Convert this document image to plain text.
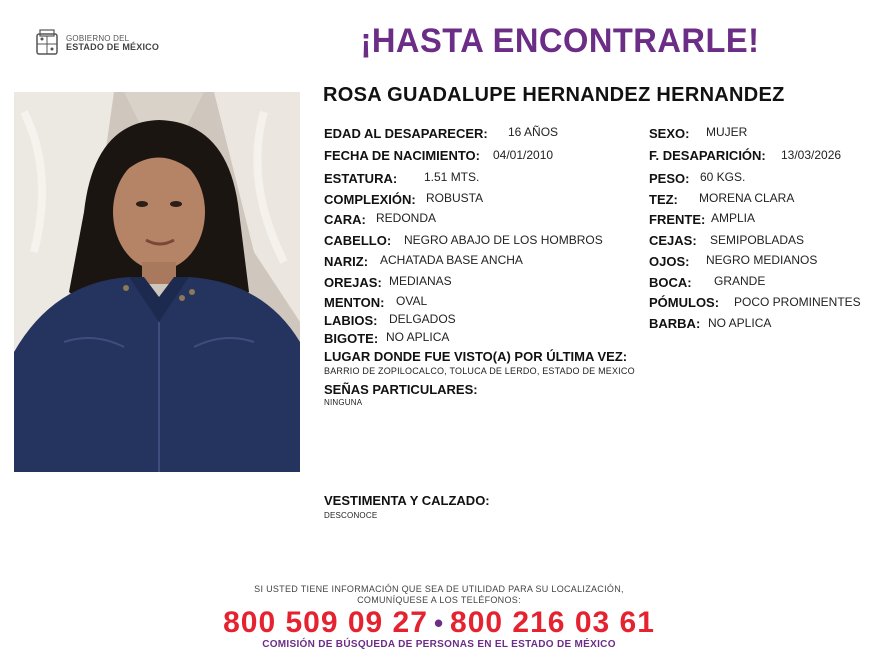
GOBIERNO DEL
ESTADO DE MÉXICO	¡HASTA ENCONTRARLE!
ROSA GUADALUPE HERNANDEZ HERNANDEZ
EDAD AL DESAPARECER: 16 AÑOS
FECHA DE NACIMIENTO: 04/01/2010
ESTATURA: 1.51 MTS.
COMPLEXIÓN: ROBUSTA
CARA: REDONDA
CABELLO: NEGRO ABAJO DE LOS HOMBROS
NARIZ: ACHATADA BASE ANCHA
OREJAS: MEDIANAS
MENTON: OVAL
LABIOS: DELGADOS
BIGOTE: NO APLICA
SEXO: MUJER
F. DESAPARICIÓN: 13/03/2026
PESO: 60 KGS.
TEZ: MORENA CLARA
FRENTE: AMPLIA
CEJAS: SEMIPOBLADAS
OJOS: NEGRO MEDIANOS
BOCA: GRANDE
PÓMULOS: POCO PROMINENTES
BARBA: NO APLICA
LUGAR DONDE FUE VISTO(A) POR ÚLTIMA VEZ:
BARRIO DE ZOPILOCALCO, TOLUCA DE LERDO, ESTADO DE MEXICO
SEÑAS PARTICULARES:
NINGUNA
VESTIMENTA Y CALZADO:
DESCONOCE
SI USTED TIENE INFORMACIÓN QUE SEA DE UTILIDAD PARA SU LOCALIZACIÓN,
COMUNÍQUESE A LOS TELÉFONOS:
800 509 09 27 • 800 216 03 61
COMISIÓN DE BÚSQUEDA DE PERSONAS EN EL ESTADO DE MÉXICO
